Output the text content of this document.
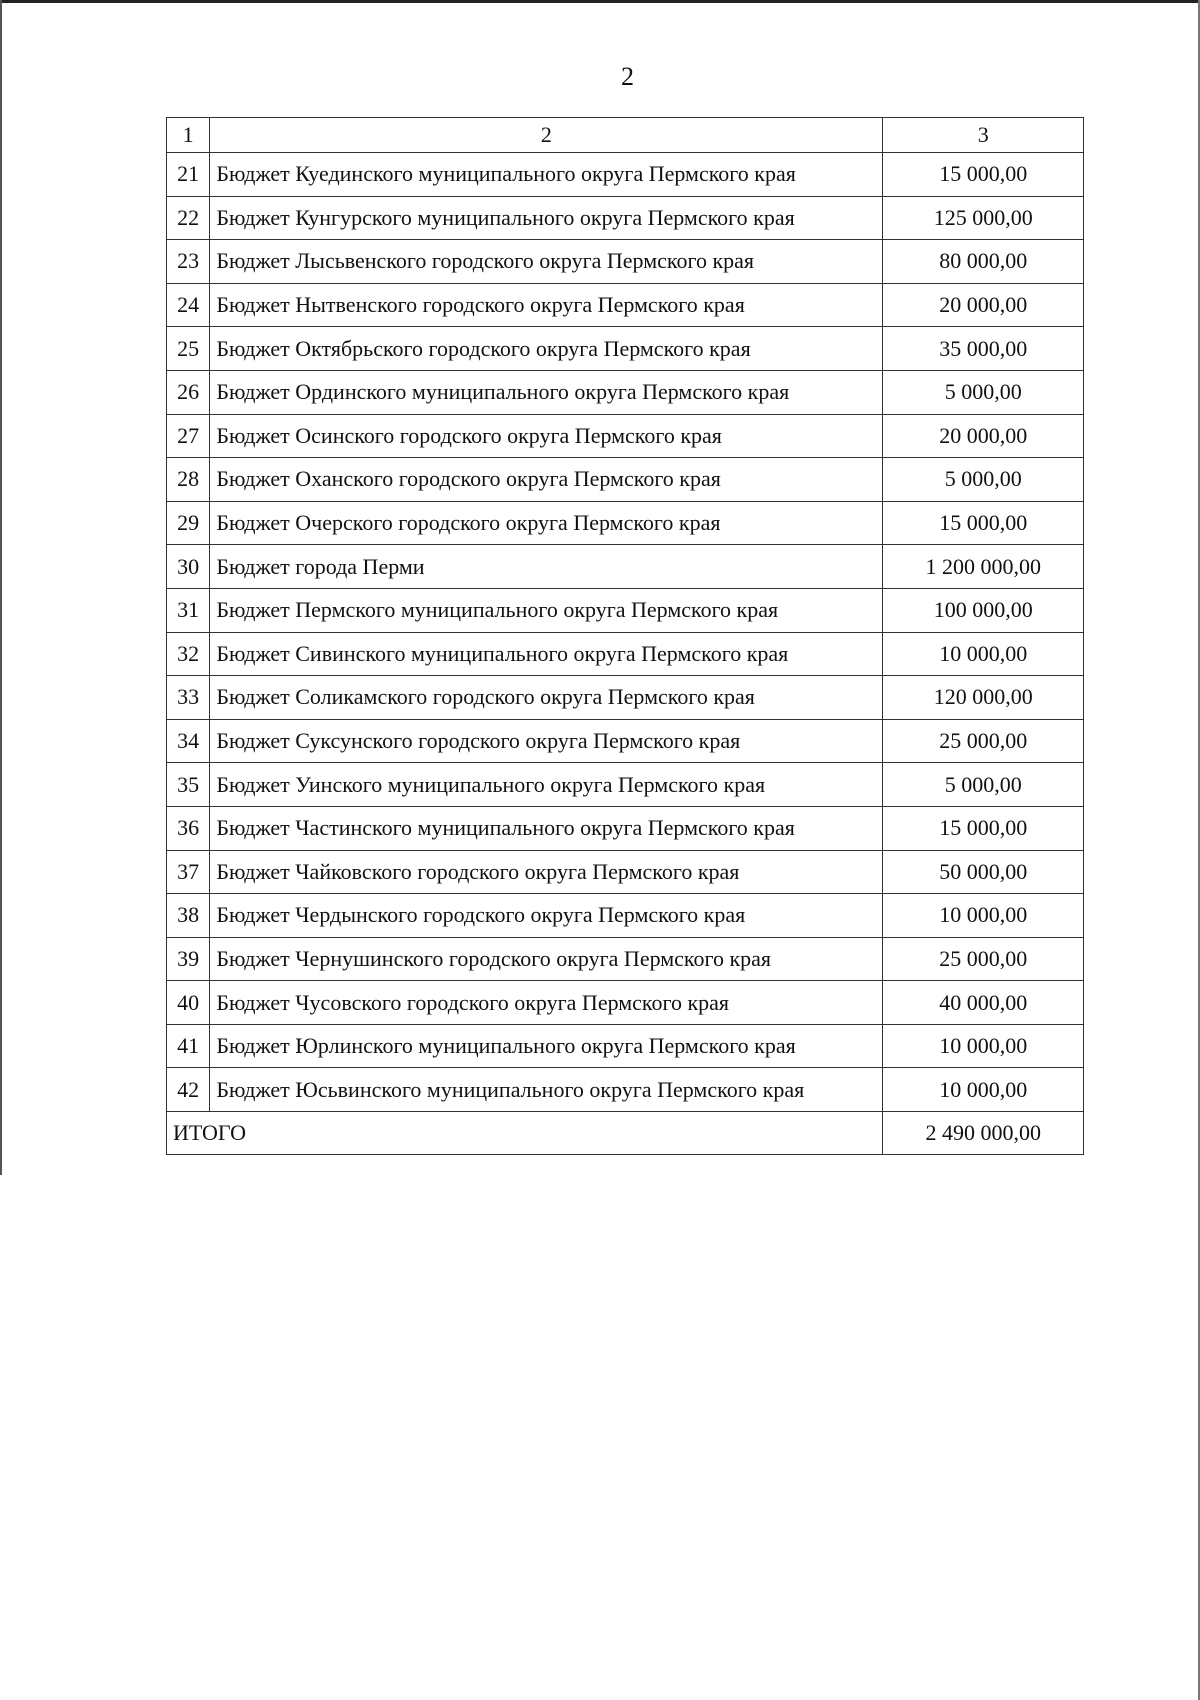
2
1	2	3
21	Бюджет Куединского муниципального округа Пермского края	15 000,00
22	Бюджет Кунгурского муниципального округа Пермского края	125 000,00
23	Бюджет Лысьвенского городского округа Пермского края	80 000,00
24	Бюджет Нытвенского городского округа Пермского края	20 000,00
25	Бюджет Октябрьского городского округа Пермского края	35 000,00
26	Бюджет Ординского муниципального округа Пермского края	5 000,00
27	Бюджет Осинского городского округа Пермского края	20 000,00
28	Бюджет Оханского городского округа Пермского края	5 000,00
29	Бюджет Очерского городского округа Пермского края	15 000,00
30	Бюджет города Перми	1 200 000,00
31	Бюджет Пермского муниципального округа Пермского края	100 000,00
32	Бюджет Сивинского муниципального округа Пермского края	10 000,00
33	Бюджет Соликамского городского округа Пермского края	120 000,00
34	Бюджет Суксунского городского округа Пермского края	25 000,00
35	Бюджет Уинского муниципального округа Пермского края	5 000,00
36	Бюджет Частинского муниципального округа Пермского края	15 000,00
37	Бюджет Чайковского городского округа Пермского края	50 000,00
38	Бюджет Чердынского городского округа Пермского края	10 000,00
39	Бюджет Чернушинского городского округа Пермского края	25 000,00
40	Бюджет Чусовского городского округа Пермского края	40 000,00
41	Бюджет Юрлинского муниципального округа Пермского края	10 000,00
42	Бюджет Юсьвинского муниципального округа Пермского края	10 000,00
ИТОГО		2 490 000,00
